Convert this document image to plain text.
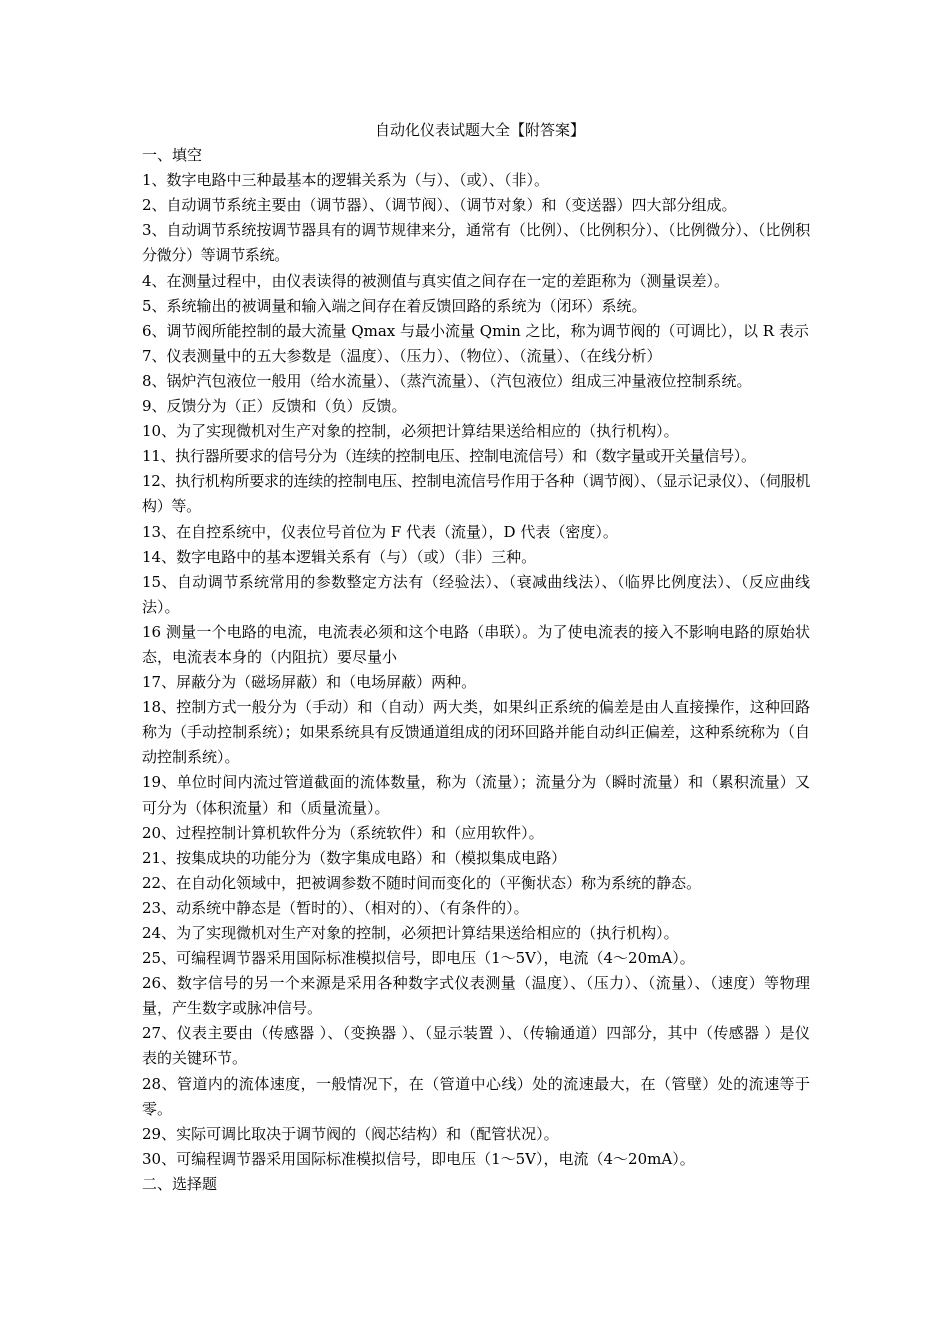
自动化仪表试题大全【附答案】
一、填空
1、数字电路中三种最基本的逻辑关系为（与）、（或）、（非）。
2、自动调节系统主要由（调节器）、（调节阀）、（调节对象）和（变送器）四大部分组成。
3、自动调节系统按调节器具有的调节规律来分，通常有（比例）、（比例积分）、（比例微分）、（比例积分微分）等调节系统。
4、在测量过程中，由仪表读得的被测值与真实值之间存在一定的差距称为（测量误差）。
5、系统输出的被调量和输入端之间存在着反馈回路的系统为（闭环）系统。
6、调节阀所能控制的最大流量 Qmax 与最小流量 Qmin 之比，称为调节阀的（可调比），以 R 表示
7、仪表测量中的五大参数是（温度）、（压力）、（物位）、（流量）、（在线分析）
8、锅炉汽包液位一般用（给水流量）、（蒸汽流量）、（汽包液位）组成三冲量液位控制系统。
9、反馈分为（正）反馈和（负）反馈。
10、为了实现微机对生产对象的控制，必须把计算结果送给相应的（执行机构）。
11、执行器所要求的信号分为（连续的控制电压、控制电流信号）和（数字量或开关量信号）。
12、执行机构所要求的连续的控制电压、控制电流信号作用于各种（调节阀）、（显示记录仪）、（伺服机构）等。
13、在自控系统中，仪表位号首位为 F 代表（流量），D 代表（密度）。
14、数字电路中的基本逻辑关系有（与）（或）（非）三种。
15、自动调节系统常用的参数整定方法有（经验法）、（衰减曲线法）、（临界比例度法）、（反应曲线法）。
16 测量一个电路的电流，电流表必须和这个电路（串联）。为了使电流表的接入不影响电路的原始状态，电流表本身的（内阻抗）要尽量小
17、屏蔽分为（磁场屏蔽）和（电场屏蔽）两种。
18、控制方式一般分为（手动）和（自动）两大类，如果纠正系统的偏差是由人直接操作，这种回路称为（手动控制系统）；如果系统具有反馈通道组成的闭环回路并能自动纠正偏差，这种系统称为（自动控制系统）。
19、单位时间内流过管道截面的流体数量，称为（流量）；流量分为（瞬时流量）和（累积流量）又可分为（体积流量）和（质量流量）。
20、过程控制计算机软件分为（系统软件）和（应用软件）。
21、按集成块的功能分为（数字集成电路）和（模拟集成电路）
22、在自动化领域中，把被调参数不随时间而变化的（平衡状态）称为系统的静态。
23、动系统中静态是（暂时的）、（相对的）、（有条件的）。
24、为了实现微机对生产对象的控制，必须把计算结果送给相应的（执行机构）。
25、可编程调节器采用国际标准模拟信号，即电压（1～5V），电流（4～20mA）。
26、数字信号的另一个来源是采用各种数字式仪表测量（温度）、（压力）、（流量）、（速度）等物理量，产生数字或脉冲信号。
27、仪表主要由（传感器 ）、（变换器 ）、（显示装置 ）、（传输通道）四部分，其中（传感器 ）是仪表的关键环节。
28、管道内的流体速度，一般情况下，在（管道中心线）处的流速最大，在（管壁）处的流速等于零。
29、实际可调比取决于调节阀的（阀芯结构）和（配管状况）。
30、可编程调节器采用国际标准模拟信号，即电压（1～5V），电流（4～20mA）。
二、选择题
